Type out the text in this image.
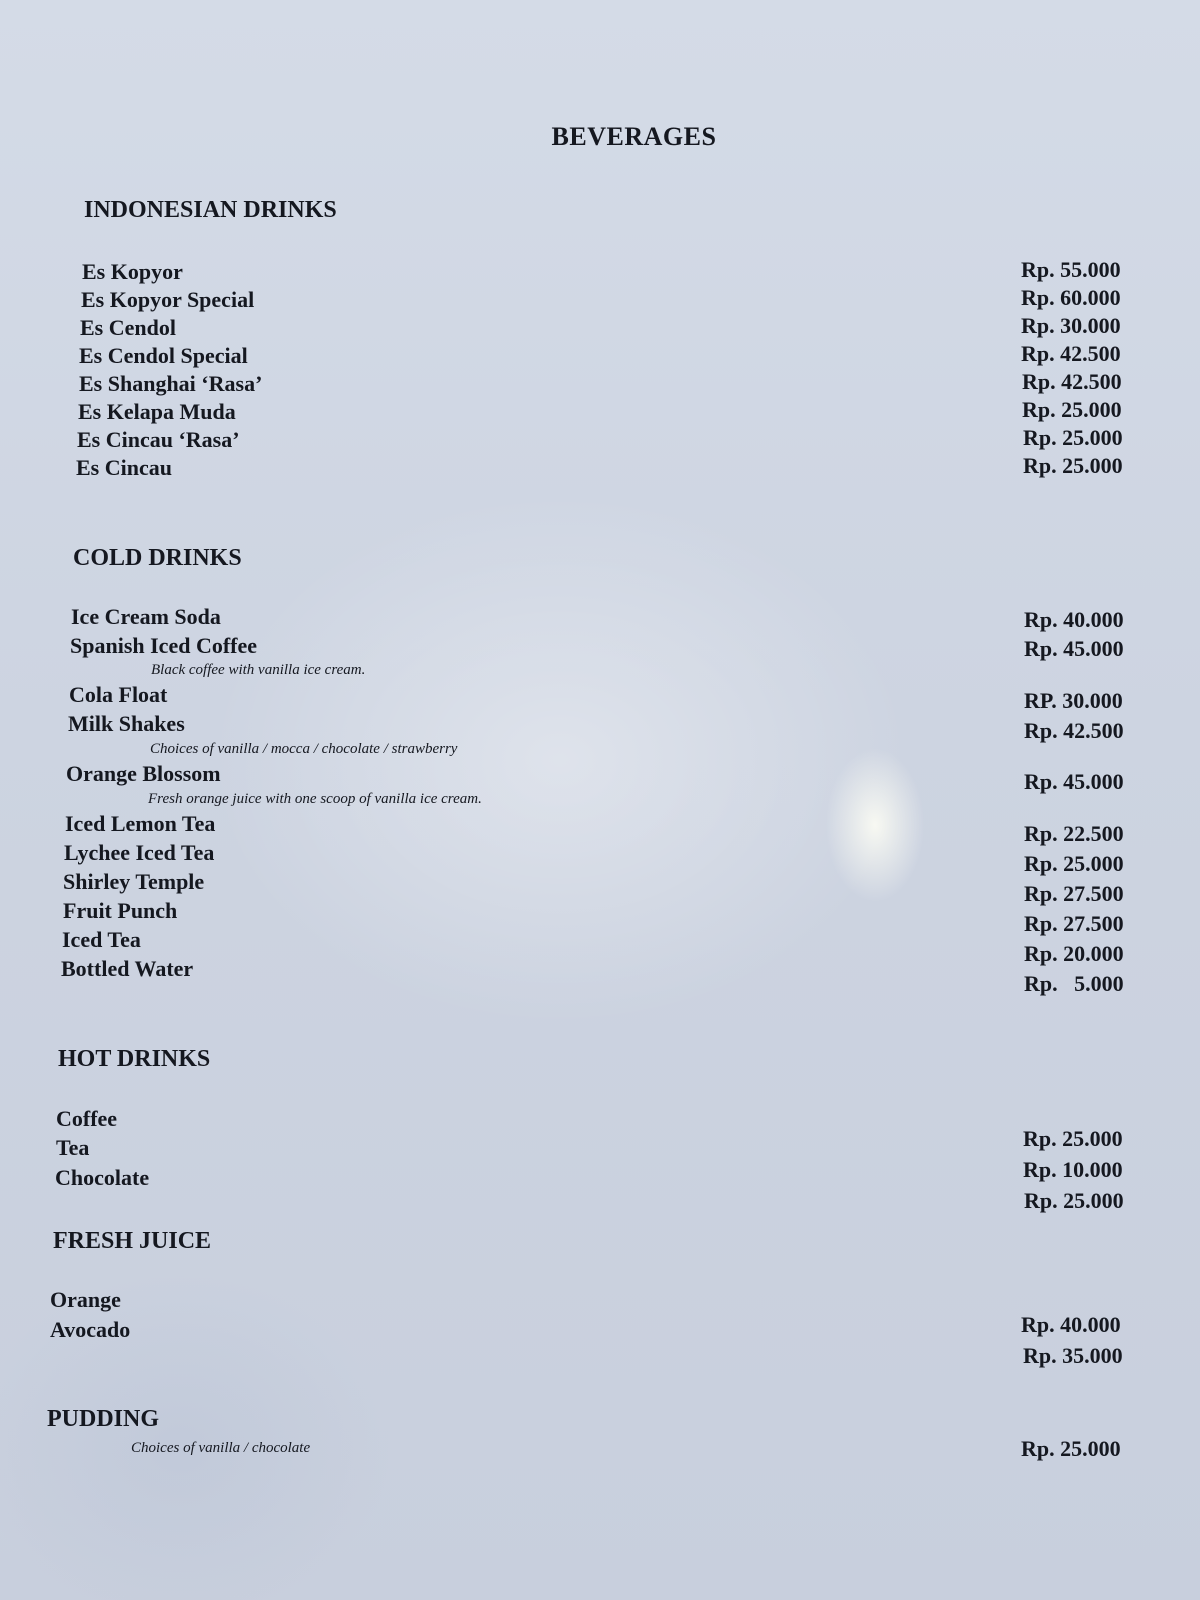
BEVERAGES
INDONESIAN DRINKS
Es Kopyor
Es Kopyor Special
Es Cendol
Es Cendol Special
Es Shanghai ‘Rasa’
Es Kelapa Muda
Es Cincau ‘Rasa’
Es Cincau
Rp. 55.000
Rp. 60.000
Rp. 30.000
Rp. 42.500
Rp. 42.500
Rp. 25.000
Rp. 25.000
Rp. 25.000
COLD DRINKS
Ice Cream Soda
Spanish Iced Coffee
Black coffee with vanilla ice cream.
Cola Float
Milk Shakes
Choices of vanilla / mocca / chocolate / strawberry
Orange Blossom
Fresh orange juice with one scoop of vanilla ice cream.
Iced Lemon Tea
Lychee Iced Tea
Shirley Temple
Fruit Punch
Iced Tea
Bottled Water
Rp. 40.000
Rp. 45.000
RP. 30.000
Rp. 42.500
Rp. 45.000
Rp. 22.500
Rp. 25.000
Rp. 27.500
Rp. 27.500
Rp. 20.000
Rp.   5.000
HOT DRINKS
Coffee
Tea
Chocolate
Rp. 25.000
Rp. 10.000
Rp. 25.000
FRESH JUICE
Orange
Avocado	Rp. 40.000
Rp. 35.000
PUDDING
Choices of vanilla / chocolate	Rp. 25.000
